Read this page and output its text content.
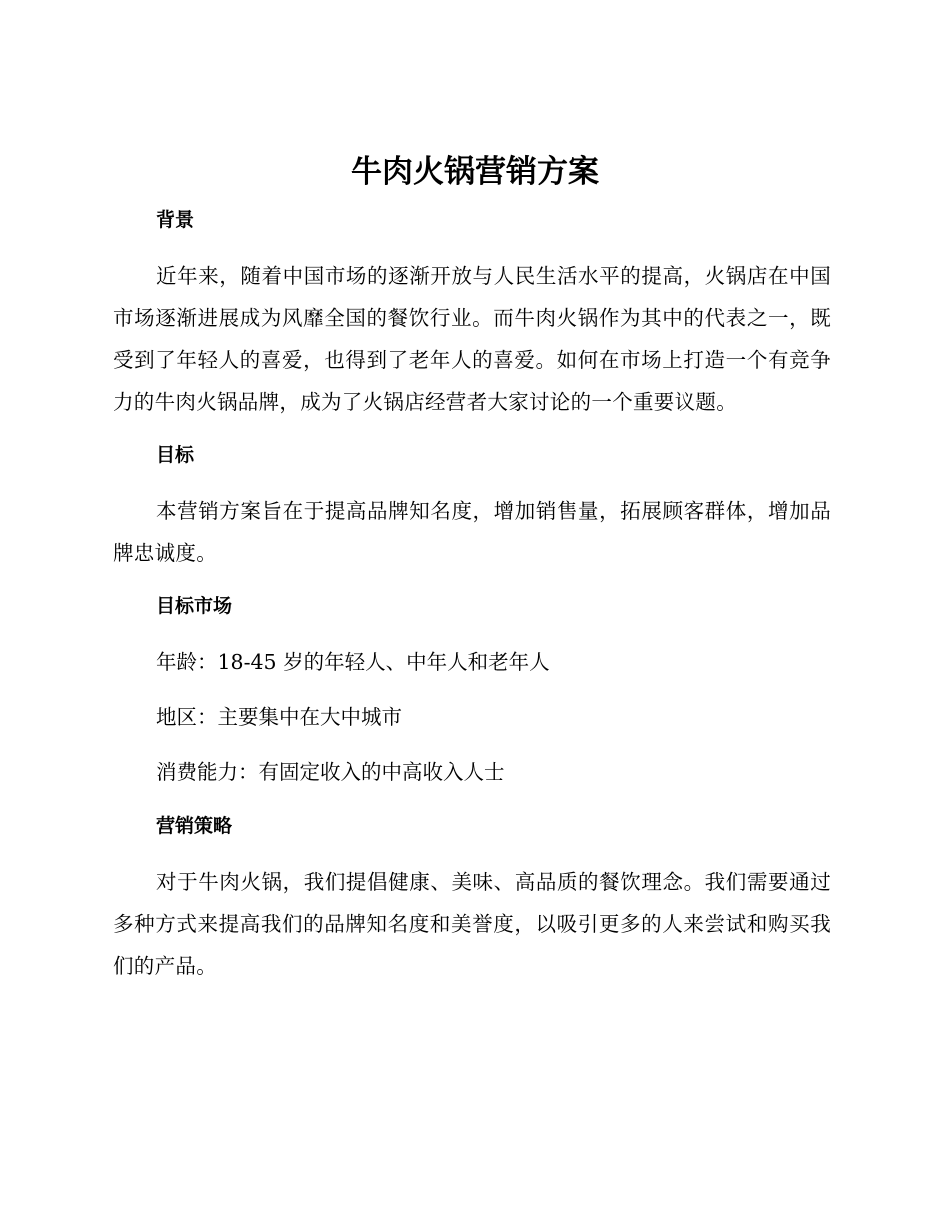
牛肉火锅营销方案
背景

近年来，随着中国市场的逐渐开放与人民生活水平的提高，火锅店在中国市场逐渐进展成为风靡全国的餐饮行业。而牛肉火锅作为其中的代表之一，既受到了年轻人的喜爱，也得到了老年人的喜爱。如何在市场上打造一个有竞争力的牛肉火锅品牌，成为了火锅店经营者大家讨论的一个重要议题。

目标

本营销方案旨在于提高品牌知名度，增加销售量，拓展顾客群体，增加品牌忠诚度。

目标市场

年龄：18-45 岁的年轻人、中年人和老年人

地区：主要集中在大中城市

消费能力：有固定收入的中高收入人士

营销策略

对于牛肉火锅，我们提倡健康、美味、高品质的餐饮理念。我们需要通过多种方式来提高我们的品牌知名度和美誉度，以吸引更多的人来尝试和购买我们的产品。
